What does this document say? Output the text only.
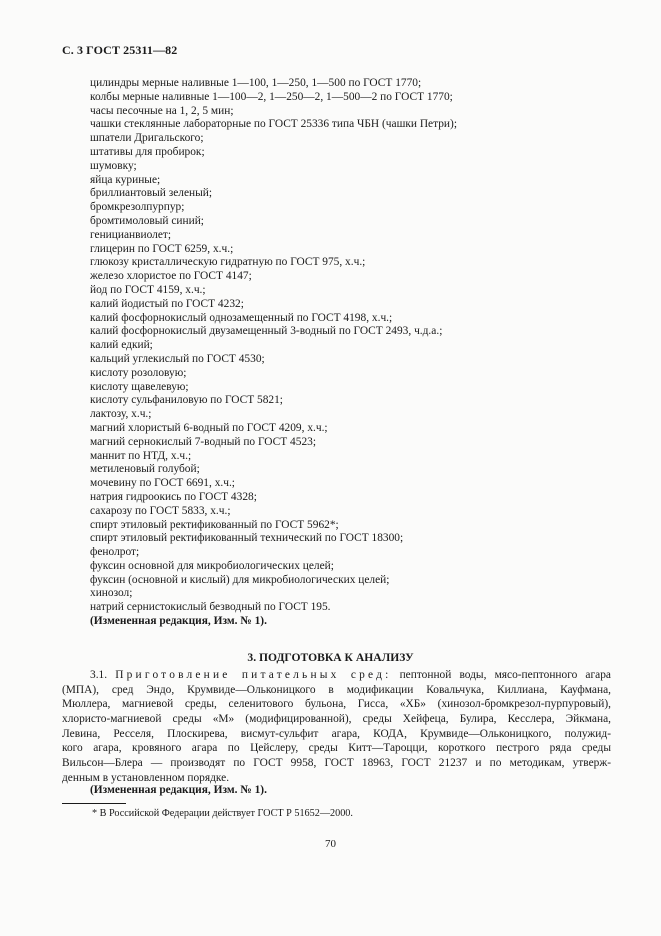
С. 3 ГОСТ 25311—82
цилиндры мерные наливные 1—100, 1—250, 1—500 по ГОСТ 1770;
колбы мерные наливные 1—100—2, 1—250—2, 1—500—2 по ГОСТ 1770;
часы песочные на 1, 2, 5 мин;
чашки стеклянные лабораторные по ГОСТ 25336 типа ЧБН (чашки Петри);
шпатели Дригальского;
штативы для пробирок;
шумовку;
яйца куриные;
бриллиантовый зеленый;
бромкрезолпурпур;
бромтимоловый синий;
генициaнвиолет;
глицерин по ГОСТ 6259, х.ч.;
глюкозу кристаллическую гидратную по ГОСТ 975, х.ч.;
железо хлористое по ГОСТ 4147;
йод по ГОСТ 4159, х.ч.;
калий йодистый по ГОСТ 4232;
калий фосфорнокислый однозамещенный по ГОСТ 4198, х.ч.;
калий фосфорнокислый двузамещенный 3-водный по ГОСТ 2493, ч.д.а.;
калий едкий;
кальций углекислый по ГОСТ 4530;
кислоту розоловую;
кислоту щавелевую;
кислоту сульфаниловую по ГОСТ 5821;
лактозу, х.ч.;
магний хлористый 6-водный по ГОСТ 4209, х.ч.;
магний сернокислый 7-водный по ГОСТ 4523;
маннит по НТД, х.ч.;
метиленовый голубой;
мочевину по ГОСТ 6691, х.ч.;
натрия гидроокись по ГОСТ 4328;
сахарозу по ГОСТ 5833, х.ч.;
спирт этиловый ректификованный по ГОСТ 5962*;
спирт этиловый ректификованный технический по ГОСТ 18300;
фенолрот;
фуксин основной для микробиологических целей;
фуксин (основной и кислый) для микробиологических целей;
хинозол;
натрий сернистокислый безводный по ГОСТ 195.
(Измененная редакция, Изм. № 1).
3. ПОДГОТОВКА К АНАЛИЗУ
3.1. Приготовление питательных сред: пептонной воды, мясо-пептонного агара
(МПА), сред Эндо, Крумвиде—Ольконицкого в модификации Ковальчука, Киллиана, Кауфмана,
Мюллера, магниевой среды, селенитового бульона, Гисса, «ХБ» (хинозол-бромкрезол-пурпуровый),
хлористо-магниевой среды «М» (модифицированной), среды Хейфеца, Булира, Кесслера, Эйкмана,
Левина, Ресселя, Плоскирева, висмут-сульфит агара, КОДА, Крумвиде—Ольконицкого, полужид-
кого агара, кровяного агара по Цейслеру, среды Китт—Тароцци, короткого пестрого ряда среды
Вильсон—Блера — производят по ГОСТ 9958, ГОСТ 18963, ГОСТ 21237 и по методикам, утверж-
денным в установленном порядке.
(Измененная редакция, Изм. № 1).
* В Российской Федерации действует ГОСТ Р 51652—2000.
70
